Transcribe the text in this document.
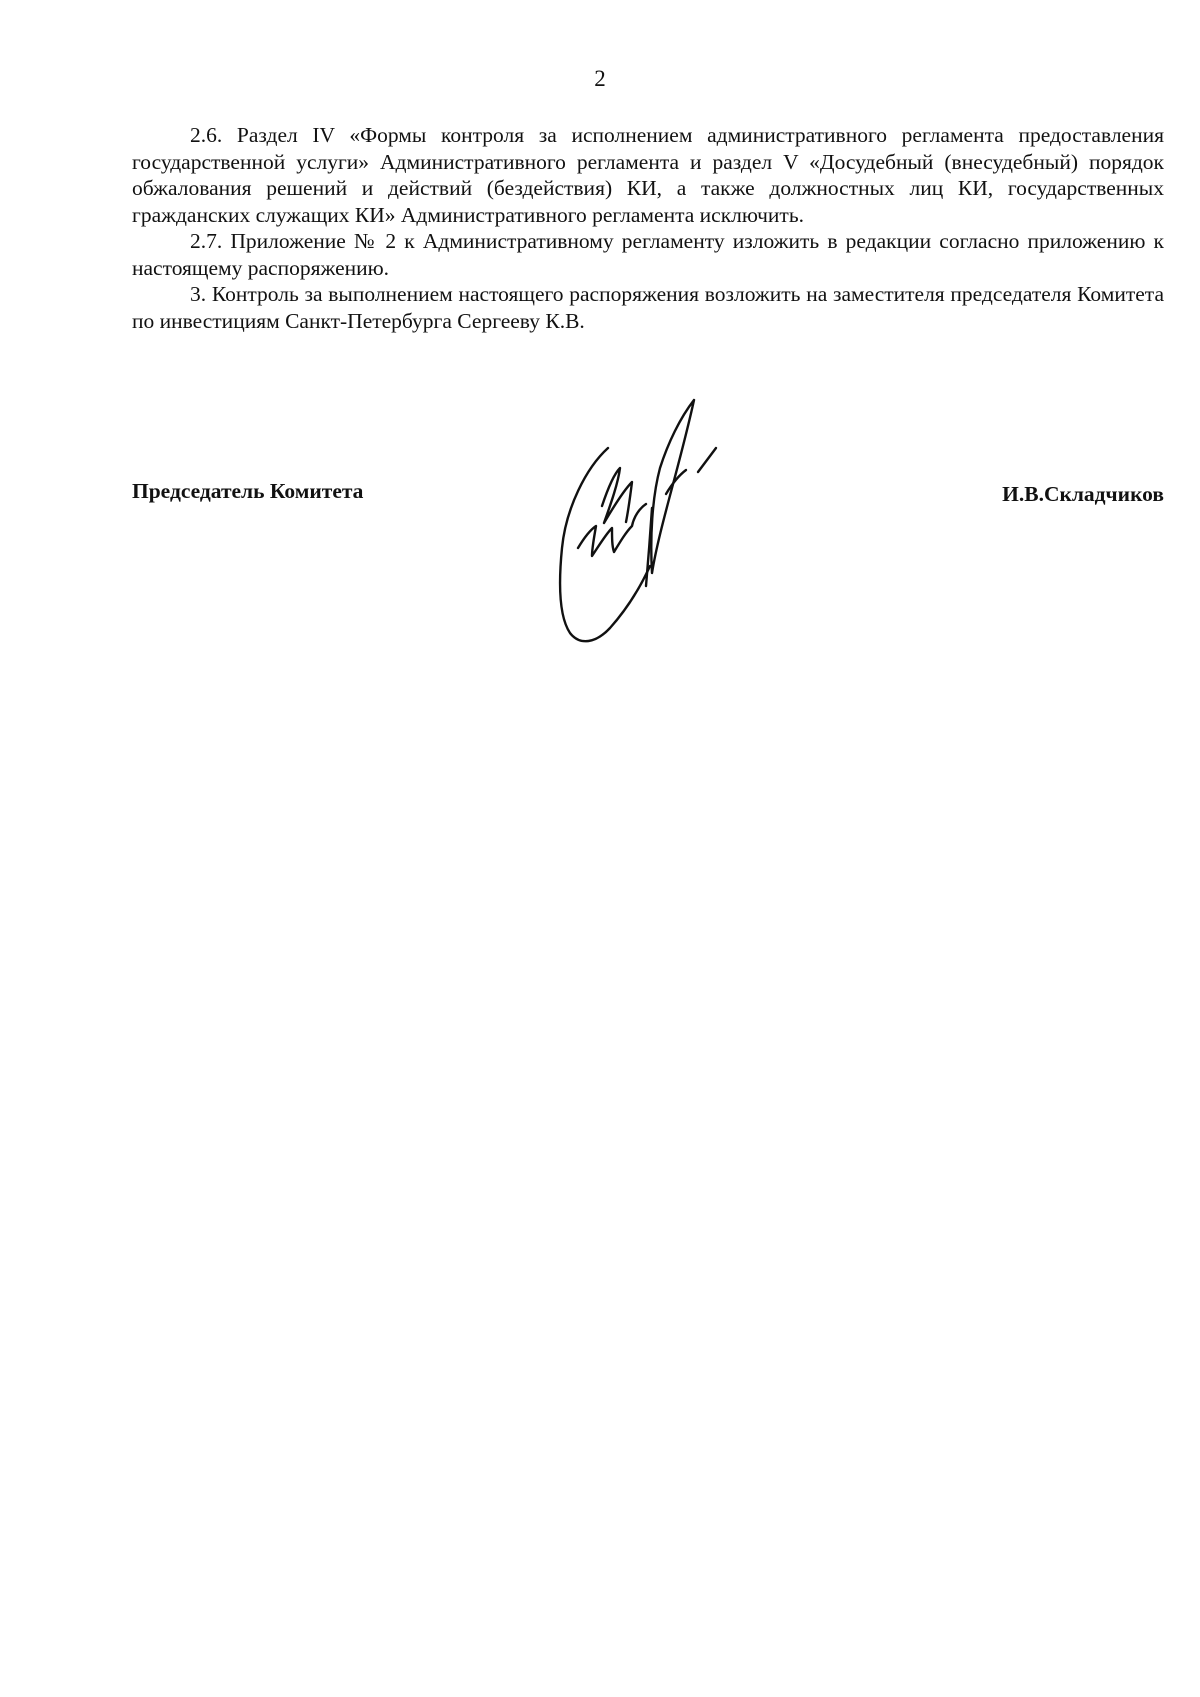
2

2.6. Раздел IV «Формы контроля за исполнением административного регламента предоставления государственной услуги» Административного регламента и раздел V «Досудебный (внесудебный) порядок обжалования решений и действий (бездействия) КИ, а также должностных лиц КИ, государственных гражданских служащих КИ» Административного регламента исключить.

2.7. Приложение № 2 к Административному регламенту изложить в редакции согласно приложению к настоящему распоряжению.

3. Контроль за выполнением настоящего распоряжения возложить на заместителя председателя Комитета по инвестициям Санкт-Петербурга Сергееву К.В.

Председатель Комитета	И.В.Складчиков
